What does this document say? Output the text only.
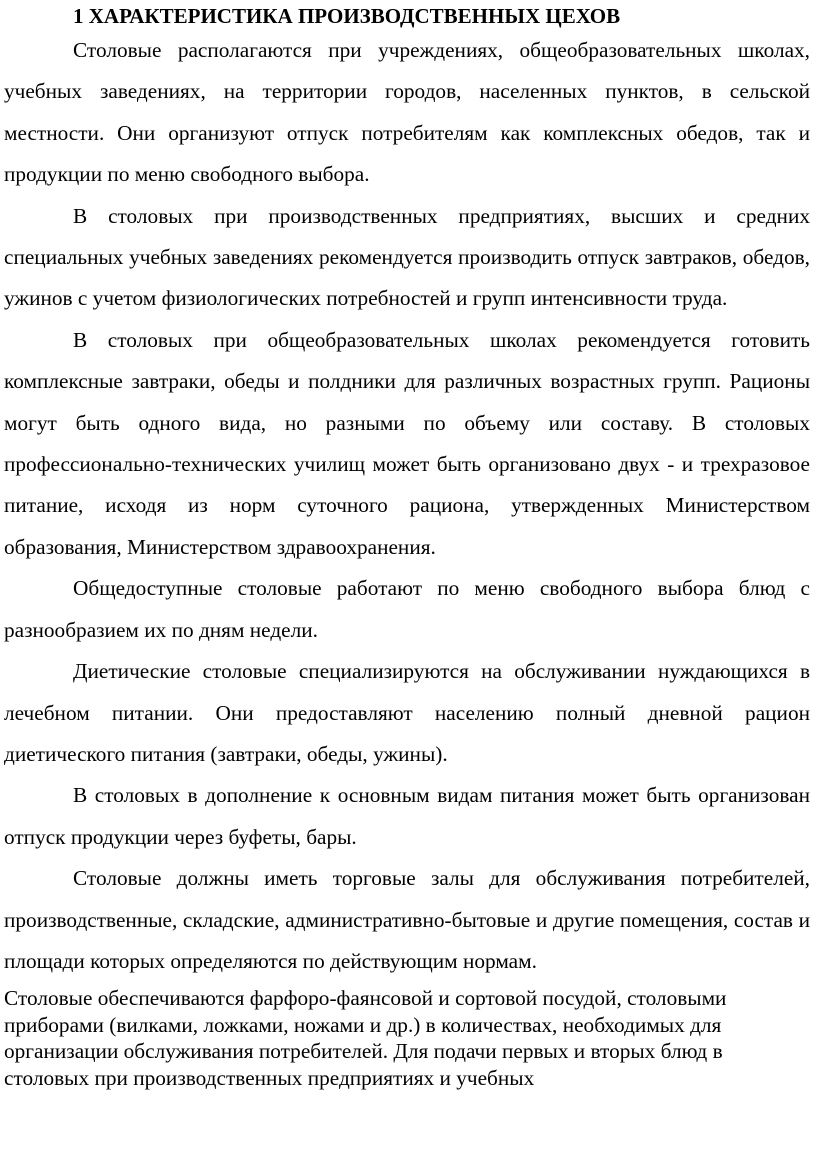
1 ХАРАКТЕРИСТИКА ПРОИЗВОДСТВЕННЫХ ЦЕХОВ

Столовые располагаются при учреждениях, общеобразовательных школах, учебных заведениях, на территории городов, населенных пунктов, в сельской местности. Они организуют отпуск потребителям как комплексных обедов, так и продукции по меню свободного выбора.

В столовых при производственных предприятиях, высших и средних специальных учебных заведениях рекомендуется производить отпуск завтраков, обедов, ужинов с учетом физиологических потребностей и групп интенсивности труда.

В столовых при общеобразовательных школах рекомендуется готовить комплексные завтраки, обеды и полдники для различных возрастных групп. Рационы могут быть одного вида, но разными по объему или составу. В столовых профессионально-технических училищ может быть организовано двух - и трехразовое питание, исходя из норм суточного рациона, утвержденных Министерством образования, Министерством здравоохранения.

Общедоступные столовые работают по меню свободного выбора блюд с разнообразием их по дням недели.

Диетические столовые специализируются на обслуживании нуждающихся в лечебном питании. Они предоставляют населению полный дневной рацион диетического питания (завтраки, обеды, ужины).

В столовых в дополнение к основным видам питания может быть организован отпуск продукции через буфеты, бары.

Столовые должны иметь торговые залы для обслуживания потребителей, производственные, складские, административно-бытовые и другие помещения, состав и площади которых определяются по действующим нормам.

Столовые обеспечиваются фарфоро-фаянсовой и сортовой посудой, столовыми приборами (вилками, ложками, ножами и др.) в количествах, необходимых для организации обслуживания потребителей. Для подачи первых и вторых блюд в столовых при производственных предприятиях и учебных
